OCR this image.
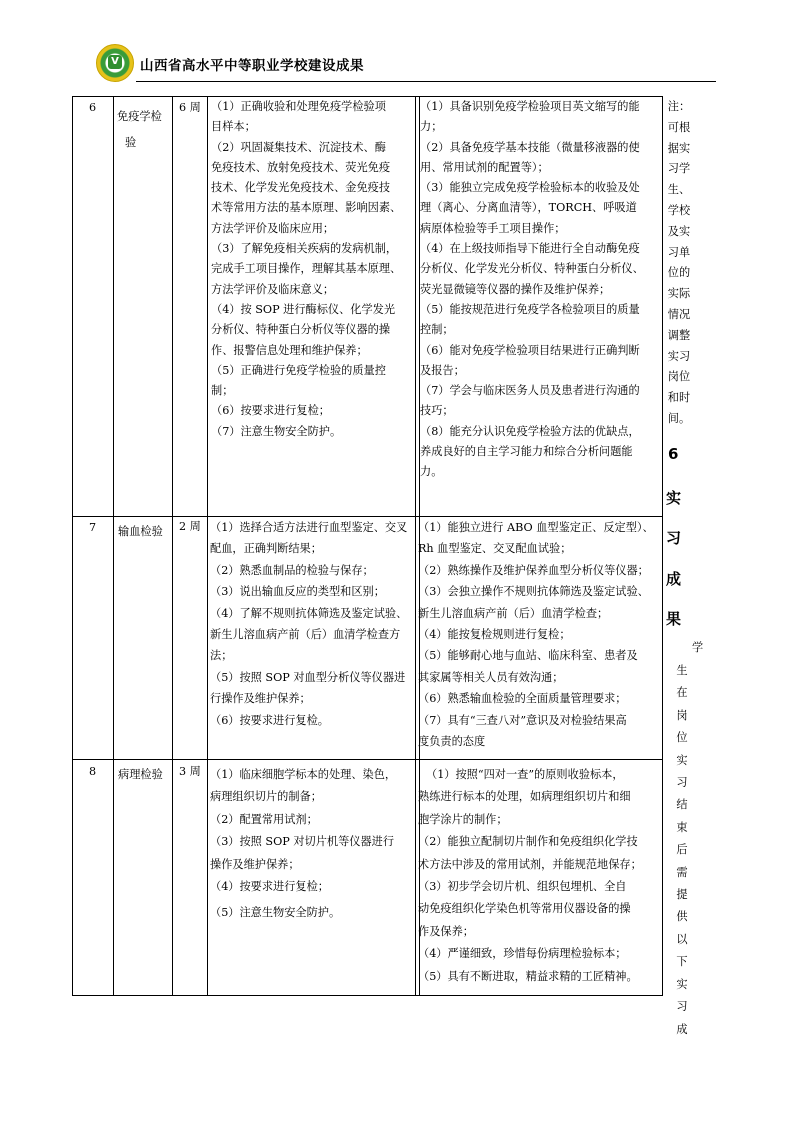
V 山西省高水平中等职业学校建设成果
6
免疫学检
验
6 周 （1）正确收验和处理免疫学检验项
目样本；
（2）巩固凝集技术、沉淀技术、酶
免疫技术、放射免疫技术、荧光免疫
技术、化学发光免疫技术、金免疫技
术等常用方法的基本原理、影响因素、
方法学评价及临床应用；
（3）了解免疫相关疾病的发病机制，
完成手工项目操作，理解其基本原理、
方法学评价及临床意义；
（4）按 SOP 进行酶标仪、化学发光
分析仪、特种蛋白分析仪等仪器的操
作、报警信息处理和维护保养；
（5）正确进行免疫学检验的质量控
制；
（6）按要求进行复检；
（7）注意生物安全防护。
（1）具备识别免疫学检验项目英文缩写的能
力；
（2）具备免疫学基本技能（微量移液器的使
用、常用试剂的配置等）；
（3）能独立完成免疫学检验标本的收验及处
理（离心、分离血清等），TORCH、呼吸道
病原体检验等手工项目操作；
（4）在上级技师指导下能进行全自动酶免疫
分析仪、化学发光分析仪、特种蛋白分析仪、
荧光显微镜等仪器的操作及维护保养；
（5）能按规范进行免疫学各检验项目的质量
控制；
（6）能对免疫学检验项目结果进行正确判断
及报告；
（7）学会与临床医务人员及患者进行沟通的
技巧；
（8）能充分认识免疫学检验方法的优缺点，
养成良好的自主学习能力和综合分析问题能
力。
7 输血检验 2 周 （1）选择合适方法进行血型鉴定、交叉
配血，正确判断结果；
（2）熟悉血制品的检验与保存；
（3）说出输血反应的类型和区别；
（4）了解不规则抗体筛选及鉴定试验、
新生儿溶血病产前（后）血清学检查方
法；
（5）按照 SOP 对血型分析仪等仪器进
行操作及维护保养；
（6）按要求进行复检。
（1）能独立进行 ABO 血型鉴定正、反定型）、
Rh 血型鉴定、交叉配血试验；
（2）熟练操作及维护保养血型分析仪等仪器；
（3）会独立操作不规则抗体筛选及鉴定试验、
新生儿溶血病产前（后）血清学检查；
（4）能按复检规则进行复检；
（5）能够耐心地与血站、临床科室、患者及
其家属等相关人员有效沟通；
（6）熟悉输血检验的全面质量管理要求；
（7）具有“三查八对”意识及对检验结果高
度负责的态度
8 病理检验 3 周 （1）临床细胞学标本的处理、染色，
病理组织切片的制备；
（2）配置常用试剂；
（3）按照 SOP 对切片机等仪器进行
操作及维护保养；
（4）按要求进行复检；
（5）注意生物安全防护。
（1）按照“四对一查”的原则收验标本，
熟练进行标本的处理，如病理组织切片和细
胞学涂片的制作；
（2）能独立配制切片制作和免疫组织化学技
术方法中涉及的常用试剂，并能规范地保存；
（3）初步学会切片机、组织包埋机、全自
动免疫组织化学染色机等常用仪器设备的操
作及保养；
（4）严谨细致，珍惜每份病理检验标本；
（5）具有不断进取，精益求精的工匠精神。
注：
可根
据实
习学
生、
学校
及实
习单
位的
实际
情况
调整
实习
岗位
和时
间。
6
实
习
成
果
学
生
在
岗
位
实
习
结
束
后
需
提
供
以
下
实
习
成
